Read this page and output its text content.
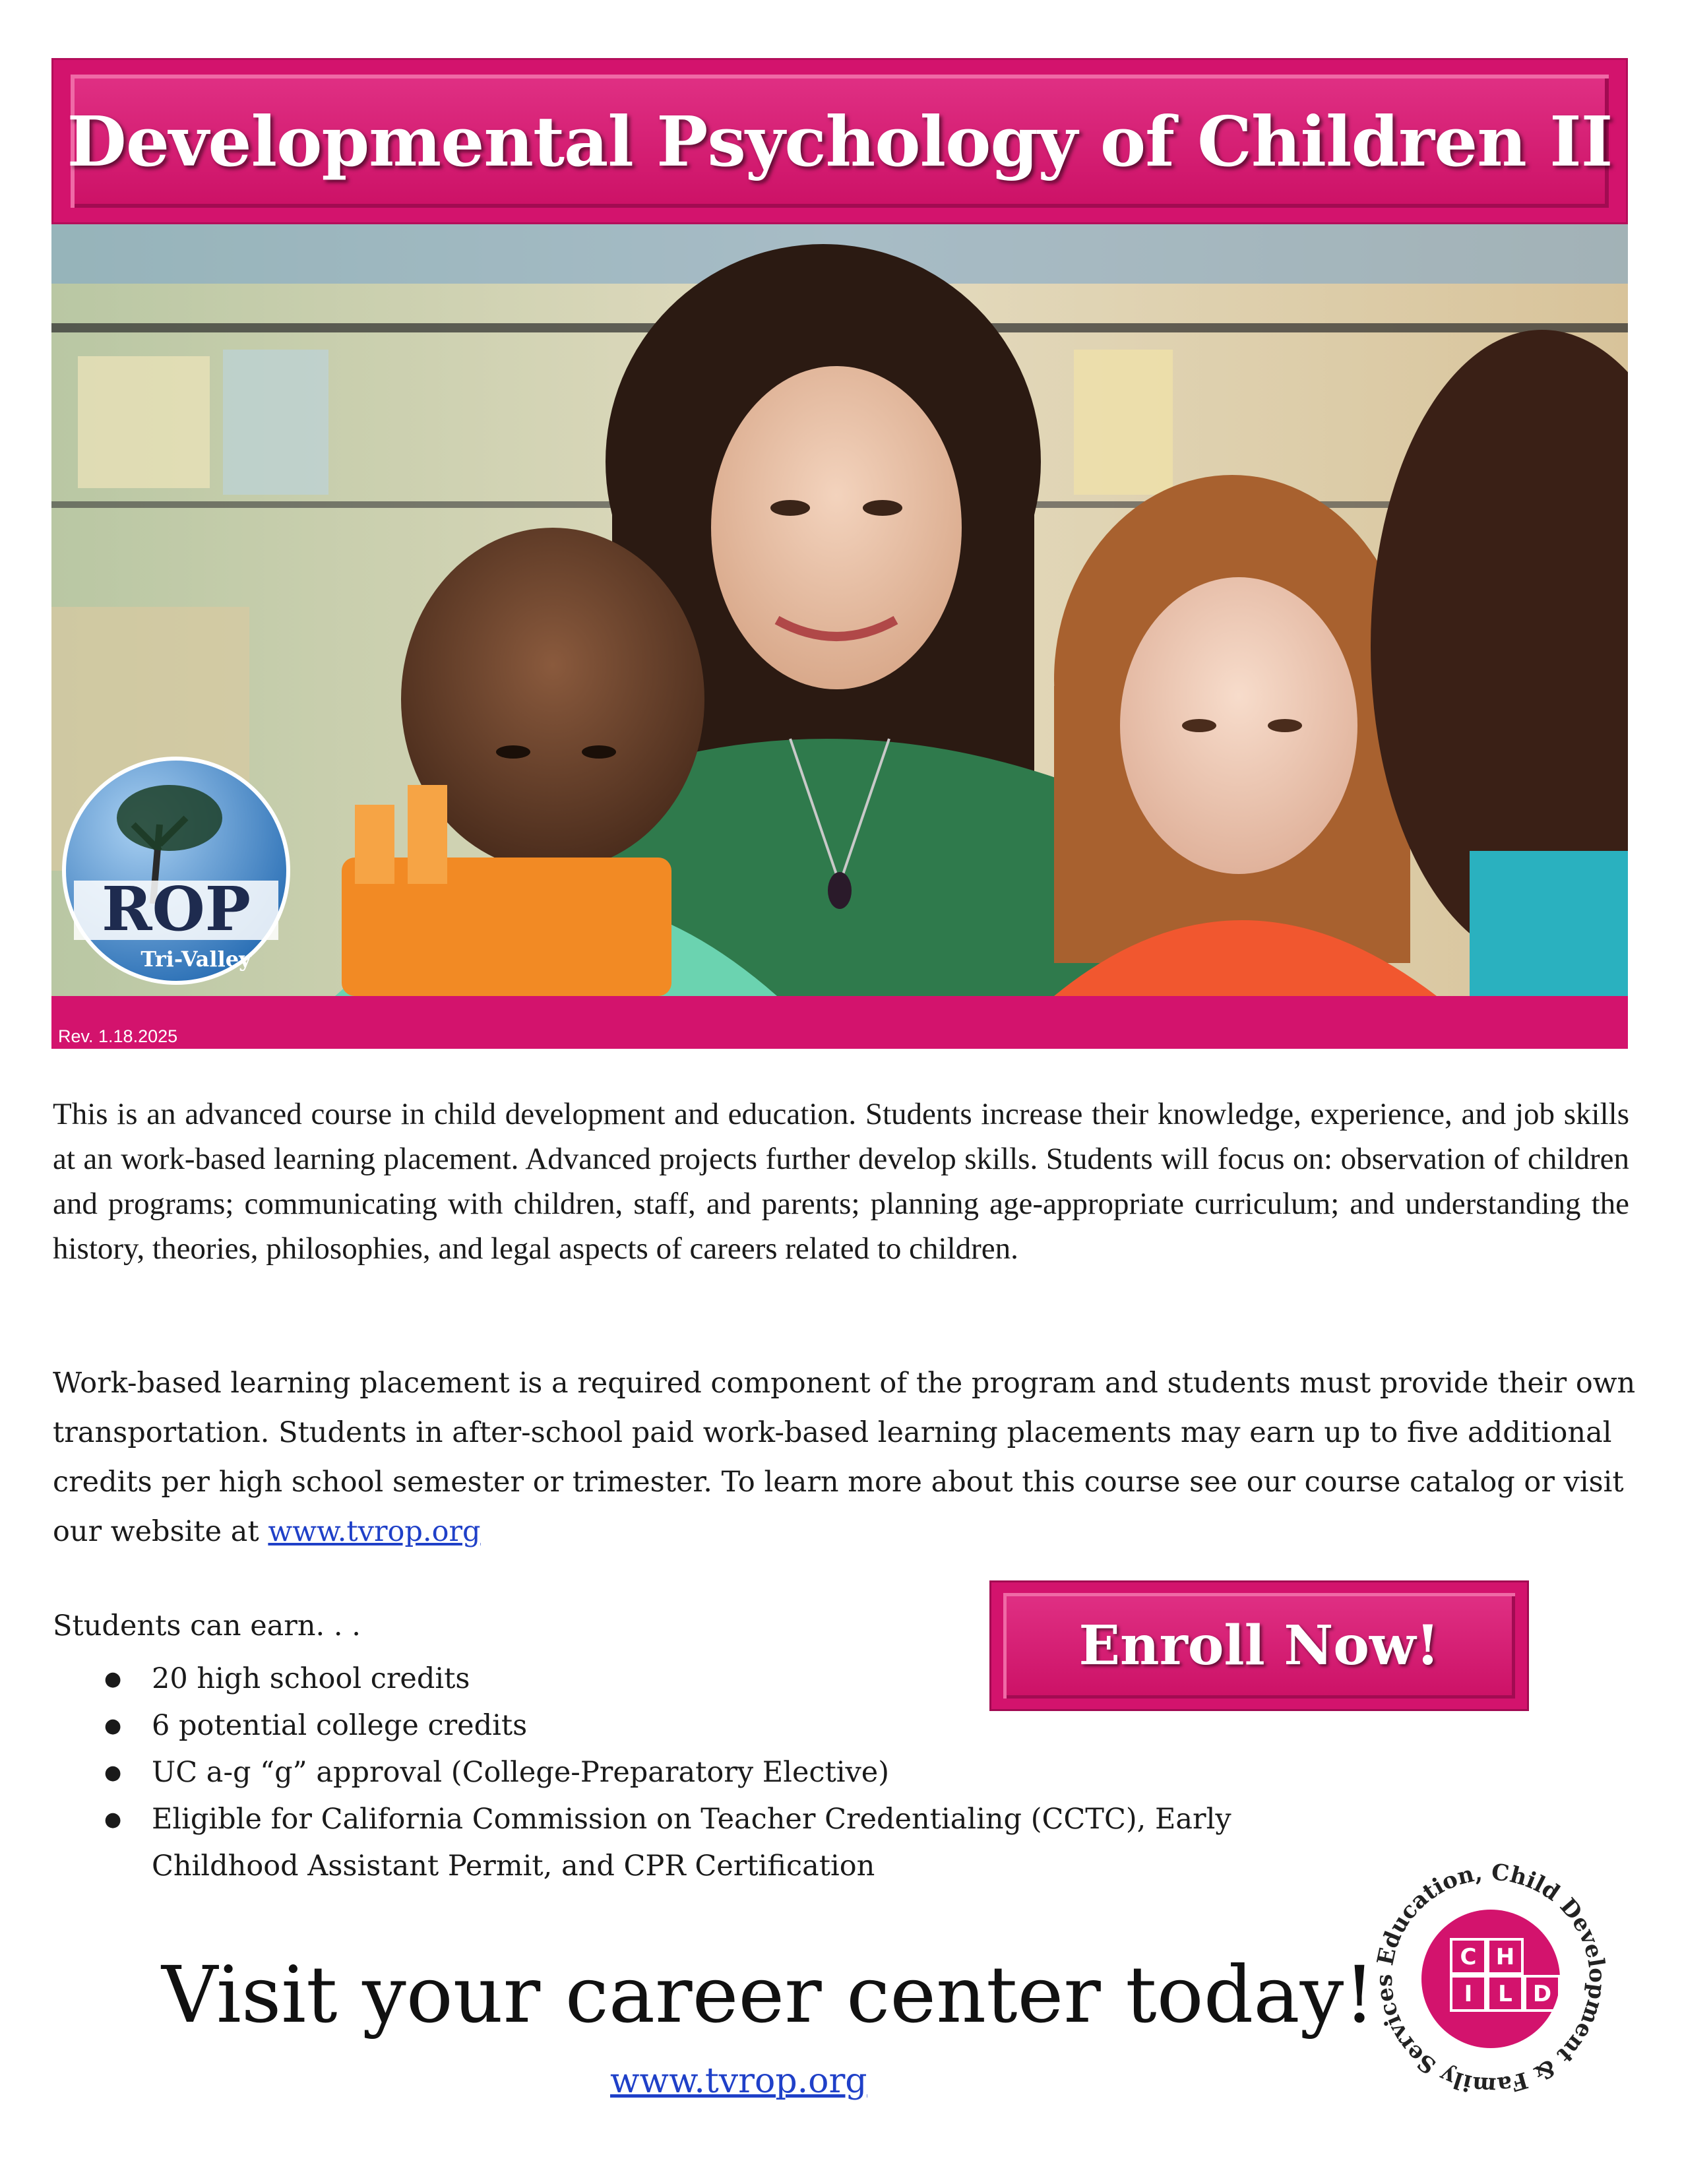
Developmental Psychology of Children II
ROP
Tri-Valley
Rev. 1.18.2025
This is an advanced course in child development and education. Students increase their knowledge, experience, and job skills at an work-based learning placement. Advanced projects further develop skills. Students will focus on: observation of children and programs; communicating with children, staff, and parents; planning age-appropriate curriculum; and understanding the history, theories, philosophies, and legal aspects of careers related to children.
Work-based learning placement is a required component of the program and students must provide their own transportation. Students in after-school paid work-based learning placements may earn up to five additional credits per high school semester or trimester. To learn more about this course see our course catalog or visit our website at www.tvrop.org
Students can earn. . .
● 20 high school credits
● 6 potential college credits
● UC a-g “g” approval (College-Preparatory Elective)
● Eligible for California Commission on Teacher Credentialing (CCTC), Early Childhood Assistant Permit, and CPR Certification
Enroll Now!
Visit your career center today!
www.tvrop.org
Education, Child Development & Family Services
C H
I L D
